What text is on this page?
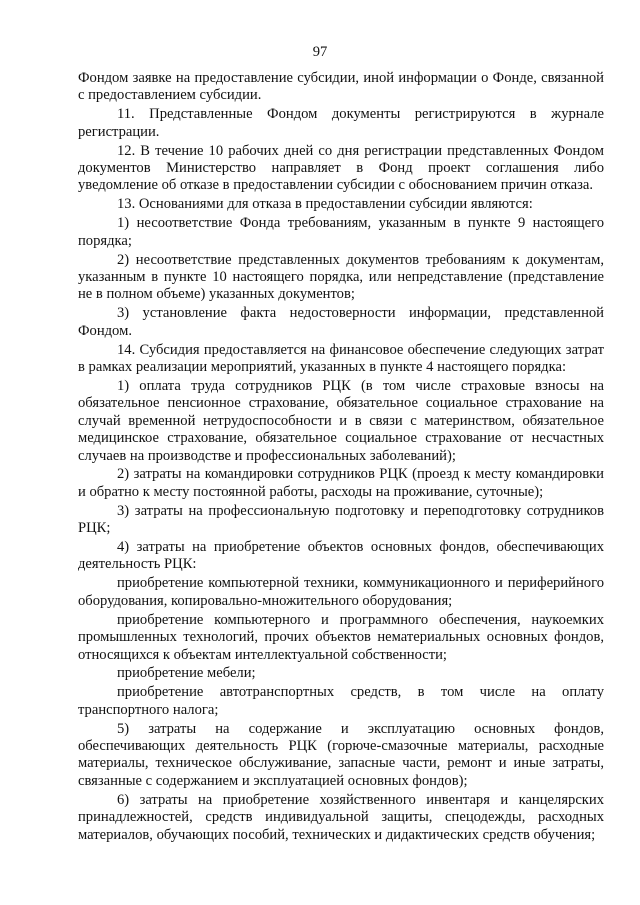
97

Фондом заявке на предоставление субсидии, иной информации о Фонде, связанной с предоставлением субсидии.

11. Представленные Фондом документы регистрируются в журнале регистрации.

12. В течение 10 рабочих дней со дня регистрации представленных Фондом документов Министерство направляет в Фонд проект соглашения либо уведомление об отказе в предоставлении субсидии с обоснованием причин отказа.

13. Основаниями для отказа в предоставлении субсидии являются:

1) несоответствие Фонда требованиям, указанным в пункте 9 настоящего порядка;

2) несоответствие представленных документов требованиям к документам, указанным в пункте 10 настоящего порядка, или непредставление (представление не в полном объеме) указанных документов;

3) установление факта недостоверности информации, представленной Фондом.

14. Субсидия предоставляется на финансовое обеспечение следующих затрат в рамках реализации мероприятий, указанных в пункте 4 настоящего порядка:

1) оплата труда сотрудников РЦК (в том числе страховые взносы на обязательное пенсионное страхование, обязательное социальное страхование на случай временной нетрудоспособности и в связи с материнством, обязательное медицинское страхование, обязательное социальное страхование от несчастных случаев на производстве и профессиональных заболеваний);

2) затраты на командировки сотрудников РЦК (проезд к месту командировки и обратно к месту постоянной работы, расходы на проживание, суточные);

3) затраты на профессиональную подготовку и переподготовку сотрудников РЦК;

4) затраты на приобретение объектов основных фондов, обеспечивающих деятельность РЦК:

приобретение компьютерной техники, коммуникационного и периферийного оборудования, копировально-множительного оборудования;

приобретение компьютерного и программного обеспечения, наукоемких промышленных технологий, прочих объектов нематериальных основных фондов, относящихся к объектам интеллектуальной собственности;

приобретение мебели;

приобретение автотранспортных средств, в том числе на оплату транспортного налога;

5) затраты на содержание и эксплуатацию основных фондов, обеспечивающих деятельность РЦК (горюче-смазочные материалы, расходные материалы, техническое обслуживание, запасные части, ремонт и иные затраты, связанные с содержанием и эксплуатацией основных фондов);

6) затраты на приобретение хозяйственного инвентаря и канцелярских принадлежностей, средств индивидуальной защиты, спецодежды, расходных материалов, обучающих пособий, технических и дидактических средств обучения;
